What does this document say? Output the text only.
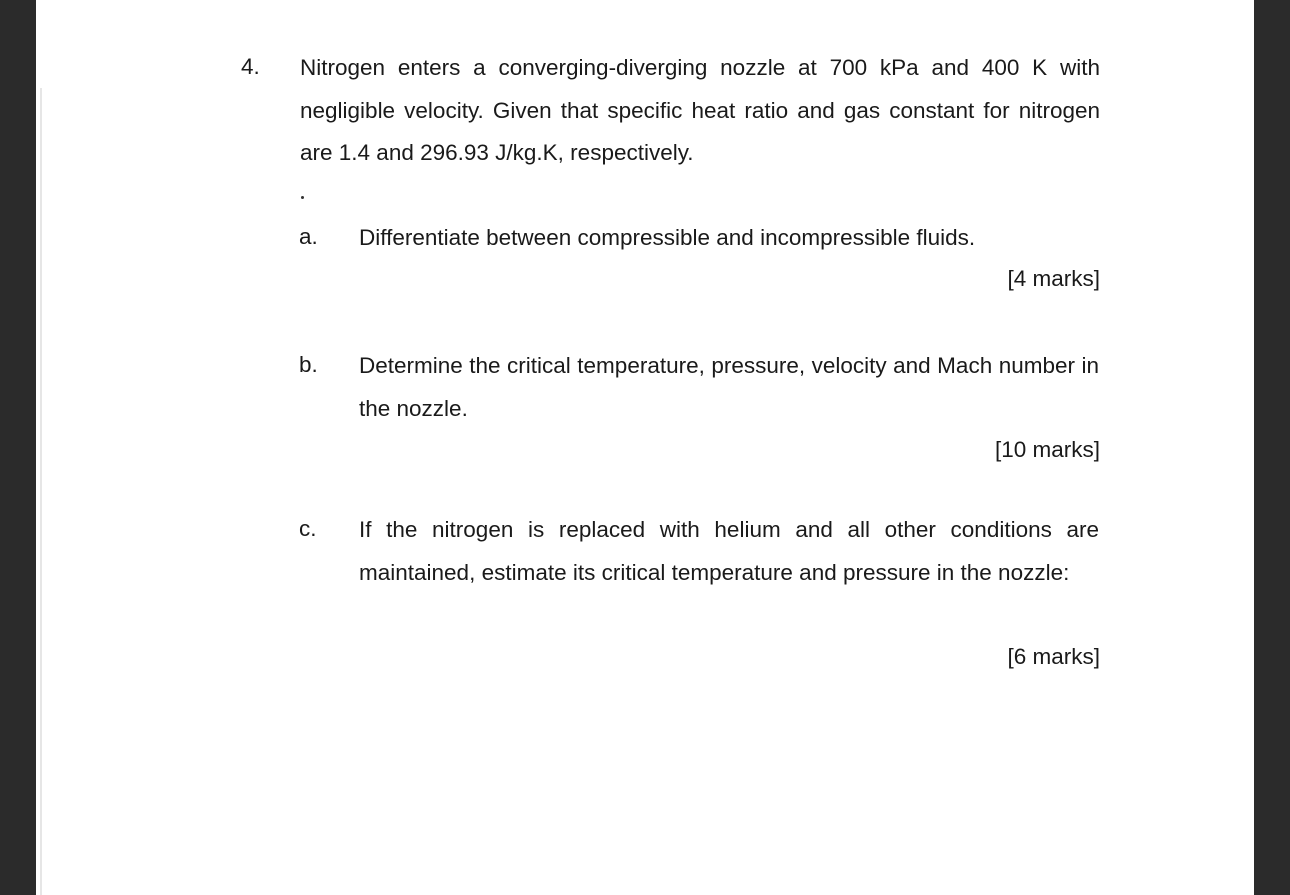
4. Nitrogen enters a converging-diverging nozzle at 700 kPa and 400 K with negligible velocity. Given that specific heat ratio and gas constant for nitrogen are 1.4 and 296.93 J/kg.K, respectively.
a. Differentiate between compressible and incompressible fluids.
[4 marks]
b. Determine the critical temperature, pressure, velocity and Mach number in the nozzle.
[10 marks]
c. If the nitrogen is replaced with helium and all other conditions are maintained, estimate its critical temperature and pressure in the nozzle:
[6 marks]
